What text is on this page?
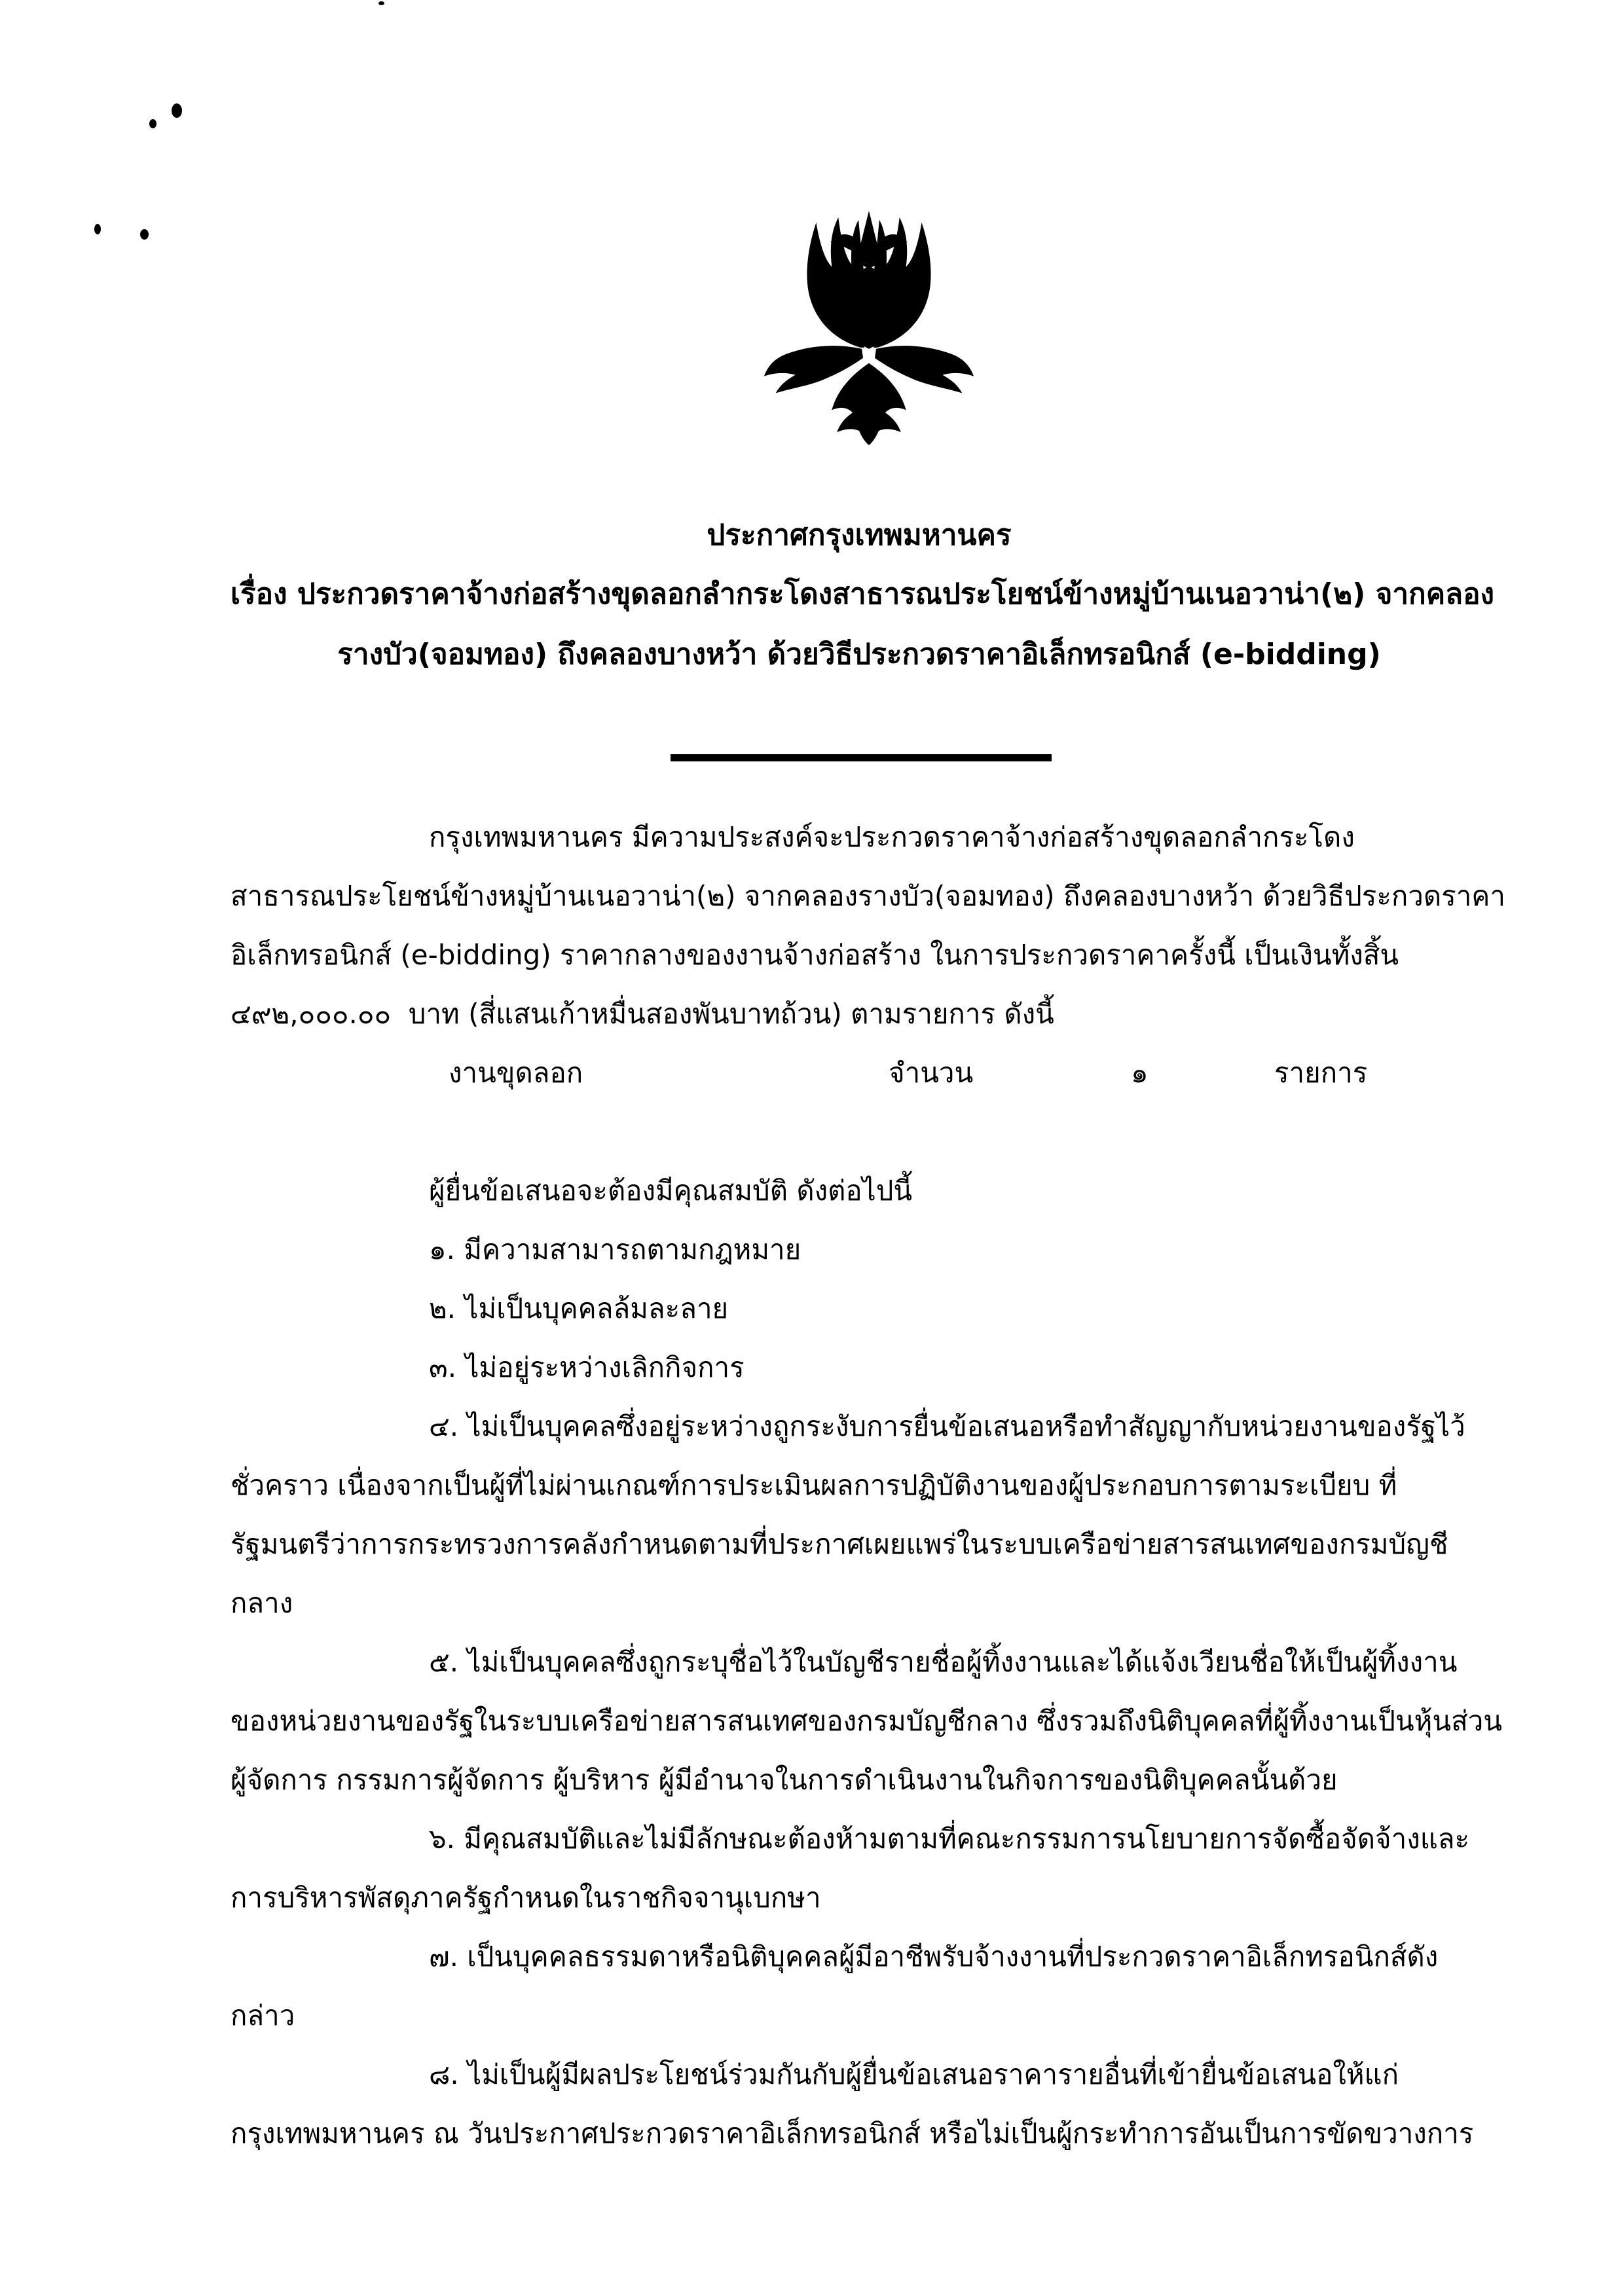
ประกาศกรุงเทพมหานคร
เรื่อง ประกวดราคาจ้างก่อสร้างขุดลอกลำกระโดงสาธารณประโยชน์ข้างหมู่บ้านเนอวาน่า(๒) จากคลอง
รางบัว(จอมทอง) ถึงคลองบางหว้า ด้วยวิธีประกวดราคาอิเล็กทรอนิกส์ (e-bidding)
กรุงเทพมหานคร มีความประสงค์จะประกวดราคาจ้างก่อสร้างขุดลอกลำกระโดง
สาธารณประโยชน์ข้างหมู่บ้านเนอวาน่า(๒) จากคลองรางบัว(จอมทอง) ถึงคลองบางหว้า ด้วยวิธีประกวดราคา
อิเล็กทรอนิกส์ (e-bidding) ราคากลางของงานจ้างก่อสร้าง ในการประกวดราคาครั้งนี้ เป็นเงินทั้งสิ้น
๔๙๒,๐๐๐.๐๐  บาท (สี่แสนเก้าหมื่นสองพันบาทถ้วน) ตามรายการ ดังนี้
งานขุดลอก	จำนวน	๑	รายการ
ผู้ยื่นข้อเสนอจะต้องมีคุณสมบัติ ดังต่อไปนี้
๑. มีความสามารถตามกฎหมาย
๒. ไม่เป็นบุคคลล้มละลาย
๓. ไม่อยู่ระหว่างเลิกกิจการ
๔. ไม่เป็นบุคคลซึ่งอยู่ระหว่างถูกระงับการยื่นข้อเสนอหรือทำสัญญากับหน่วยงานของรัฐไว้
ชั่วคราว เนื่องจากเป็นผู้ที่ไม่ผ่านเกณฑ์การประเมินผลการปฏิบัติงานของผู้ประกอบการตามระเบียบ ที่
รัฐมนตรีว่าการกระทรวงการคลังกำหนดตามที่ประกาศเผยแพร่ในระบบเครือข่ายสารสนเทศของกรมบัญชี
กลาง
๕. ไม่เป็นบุคคลซึ่งถูกระบุชื่อไว้ในบัญชีรายชื่อผู้ทิ้งงานและได้แจ้งเวียนชื่อให้เป็นผู้ทิ้งงาน
ของหน่วยงานของรัฐในระบบเครือข่ายสารสนเทศของกรมบัญชีกลาง ซึ่งรวมถึงนิติบุคคลที่ผู้ทิ้งงานเป็นหุ้นส่วน
ผู้จัดการ กรรมการผู้จัดการ ผู้บริหาร ผู้มีอำนาจในการดำเนินงานในกิจการของนิติบุคคลนั้นด้วย
๖. มีคุณสมบัติและไม่มีลักษณะต้องห้ามตามที่คณะกรรมการนโยบายการจัดซื้อจัดจ้างและ
การบริหารพัสดุภาครัฐกำหนดในราชกิจจานุเบกษา
๗. เป็นบุคคลธรรมดาหรือนิติบุคคลผู้มีอาชีพรับจ้างงานที่ประกวดราคาอิเล็กทรอนิกส์ดัง
กล่าว
๘. ไม่เป็นผู้มีผลประโยชน์ร่วมกันกับผู้ยื่นข้อเสนอราคารายอื่นที่เข้ายื่นข้อเสนอให้แก่
กรุงเทพมหานคร ณ วันประกาศประกวดราคาอิเล็กทรอนิกส์ หรือไม่เป็นผู้กระทำการอันเป็นการขัดขวางการ
